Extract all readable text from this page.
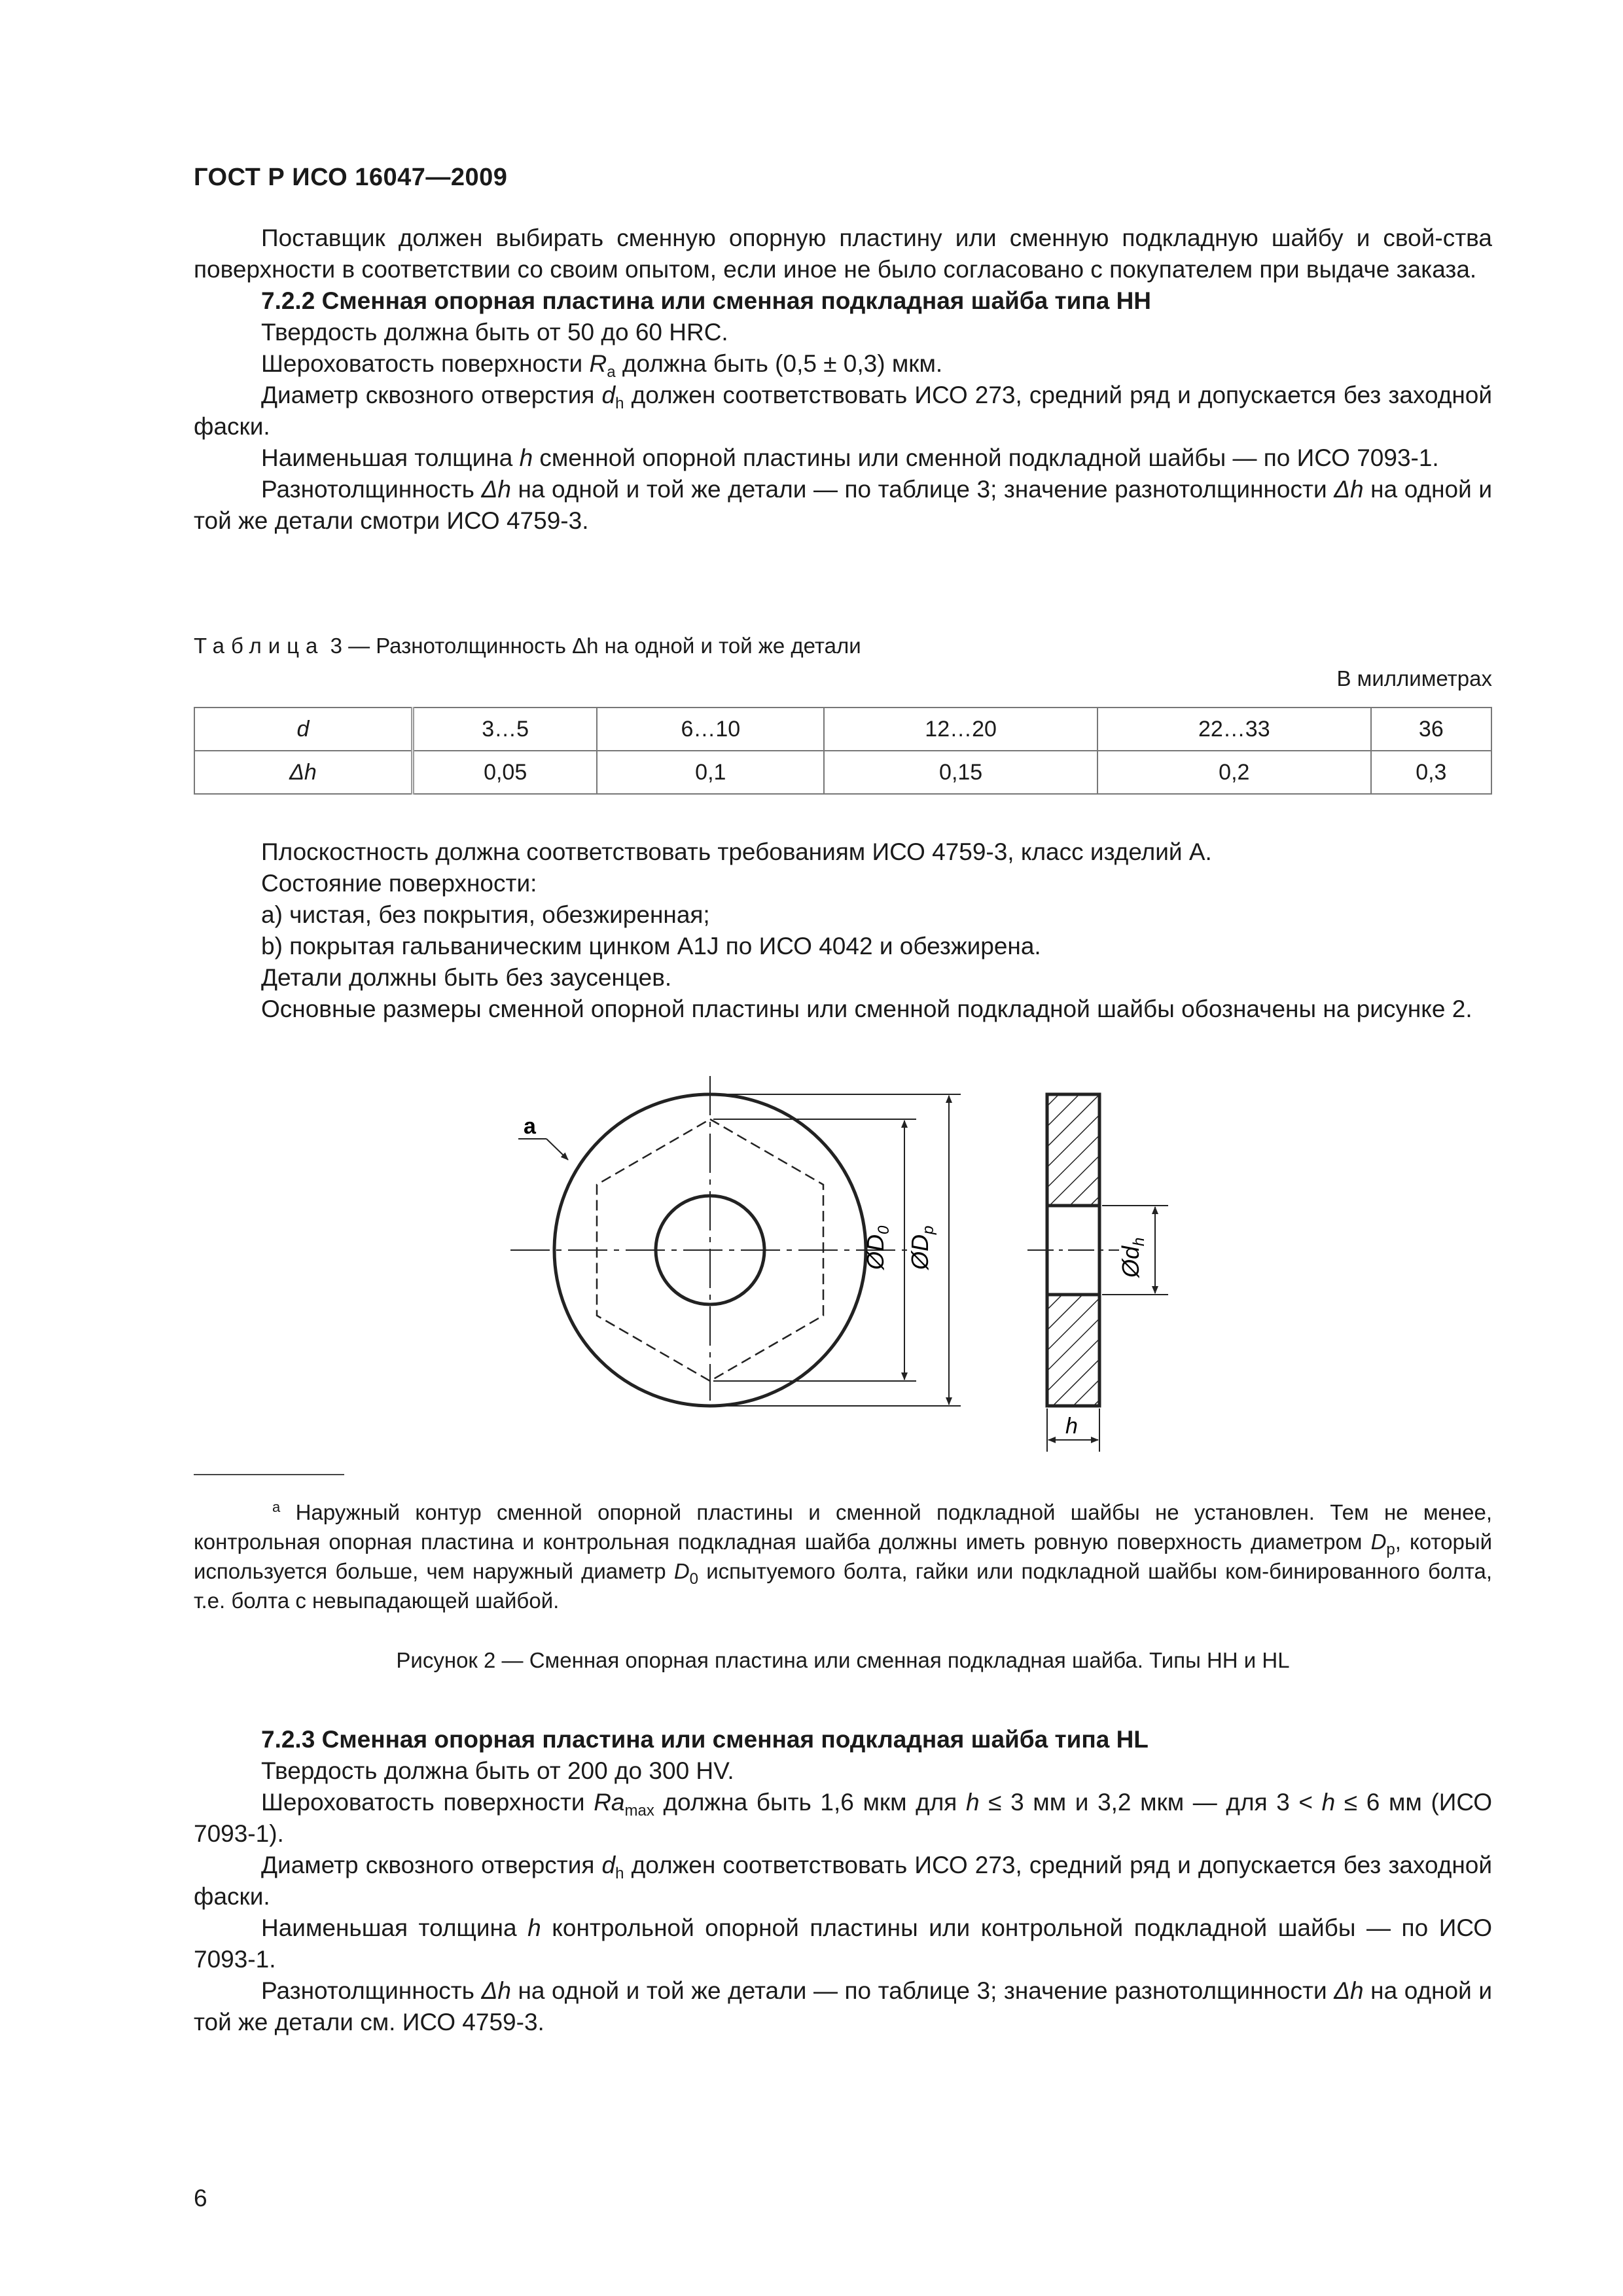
ГОСТ Р ИСО 16047—2009

Поставщик должен выбирать сменную опорную пластину или сменную подкладную шайбу и свой-ства поверхности в соответствии со своим опытом, если иное не было согласовано с покупателем при выдаче заказа.

7.2.2 Сменная опорная пластина или сменная подкладная шайба типа НН

Твердость должна быть от 50 до 60 HRC.

Шероховатость поверхности $R_a$ должна быть (0,5 ± 0,3) мкм.

Диаметр сквозного отверстия $d_h$ должен соответствовать ИСО 273, средний ряд и допускается без заходной фаски.

Наименьшая толщина h сменной опорной пластины или сменной подкладной шайбы — по ИСО 7093-1.

Разнотолщинность Δh на одной и той же детали — по таблице 3; значение разнотолщинности Δh на одной и той же детали смотри ИСО 4759-3.

Таблица 3 — Разнотолщинность Δh на одной и той же детали
В миллиметрах
d	3…5	6…10	12…20	22…33	36
Δh	0,05	0,1	0,15	0,2	0,3

Плоскостность должна соответствовать требованиям ИСО 4759-3, класс изделий А.

Состояние поверхности:

a) чистая, без покрытия, обезжиренная;

b) покрытая гальваническим цинком A1J по ИСО 4042 и обезжирена.

Детали должны быть без заусенцев.

Основные размеры сменной опорной пластины или сменной подкладной шайбы обозначены на рисунке 2.

a
$ØD_0$
$ØD_p$
$Ød_h$
h

$^a$ Наружный контур сменной опорной пластины и сменной подкладной шайбы не установлен. Тем не менее, контрольная опорная пластина и контрольная подкладная шайба должны иметь ровную поверхность диаметром $D_p$, который используется больше, чем наружный диаметр $D_0$ испытуемого болта, гайки или подкладной шайбы ком-бинированного болта, т.е. болта с невыпадающей шайбой.

Рисунок 2 — Сменная опорная пластина или сменная подкладная шайба. Типы НН и HL

7.2.3 Сменная опорная пластина или сменная подкладная шайба типа HL

Твердость должна быть от 200 до 300 HV.

Шероховатость поверхности $Ra_{max}$ должна быть 1,6 мкм для h ≤ 3 мм и 3,2 мкм — для 3 < h ≤ 6 мм (ИСО 7093-1).

Диаметр сквозного отверстия $d_h$ должен соответствовать ИСО 273, средний ряд и допускается без заходной фаски.

Наименьшая толщина h контрольной опорной пластины или контрольной подкладной шайбы — по ИСО 7093-1.

Разнотолщинность Δh на одной и той же детали — по таблице 3; значение разнотолщинности Δh на одной и той же детали см. ИСО 4759-3.

6
